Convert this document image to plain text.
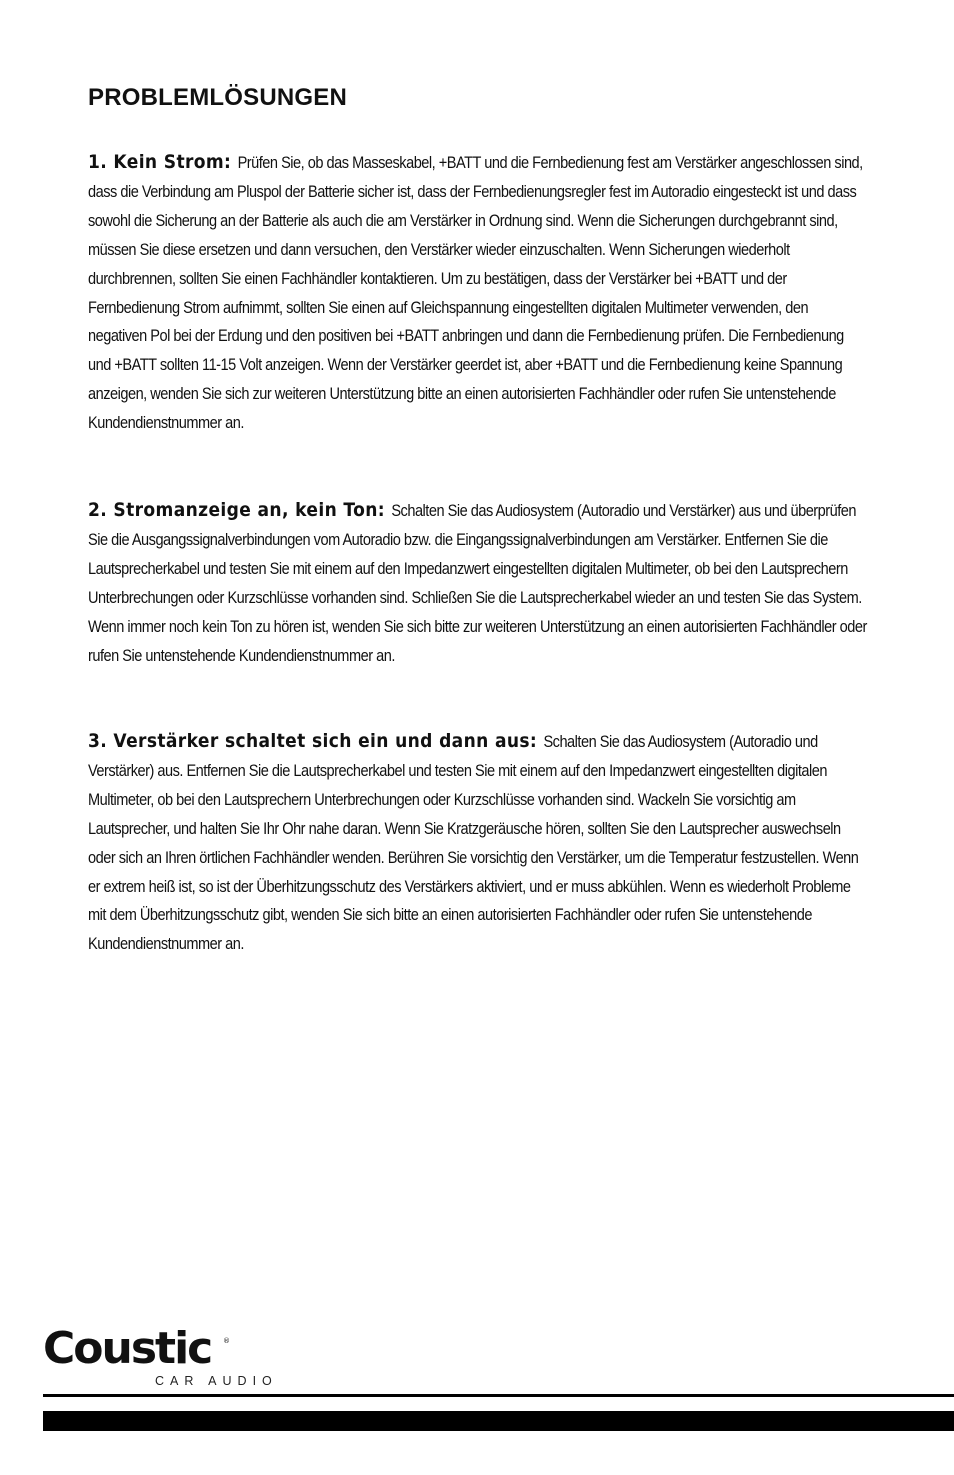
PROBLEMLÖSUNGEN

1. Kein Strom: Prüfen Sie, ob das Masseskabel, +BATT und die Fernbedienung fest am Verstärker angeschlossen sind, dass die Verbindung am Pluspol der Batterie sicher ist, dass der Fernbedienungsregler fest im Autoradio eingesteckt ist und dass sowohl die Sicherung an der Batterie als auch die am Verstärker in Ordnung sind. Wenn die Sicherungen durchgebrannt sind, müssen Sie diese ersetzen und dann versuchen, den Verstärker wieder einzuschalten. Wenn Sicherungen wiederholt durchbrennen, sollten Sie einen Fachhändler kontaktieren. Um zu bestätigen, dass der Verstärker bei +BATT und der Fernbedienung Strom aufnimmt, sollten Sie einen auf Gleichspannung eingestellten digitalen Multimeter verwenden, den negativen Pol bei der Erdung und den positiven bei +BATT anbringen und dann die Fernbedienung prüfen. Die Fernbedienung und +BATT sollten 11-15 Volt anzeigen. Wenn der Verstärker geerdet ist, aber +BATT und die Fernbedienung keine Spannung anzeigen, wenden Sie sich zur weiteren Unterstützung bitte an einen autorisierten Fachhändler oder rufen Sie untenstehende Kundendienstnummer an.

2. Stromanzeige an, kein Ton: Schalten Sie das Audiosystem (Autoradio und Verstärker) aus und überprüfen Sie die Ausgangssignalverbindungen vom Autoradio bzw. die Eingangssignalverbindungen am Verstärker. Entfernen Sie die Lautsprecherkabel und testen Sie mit einem auf den Impedanzwert eingestellten digitalen Multimeter, ob bei den Lautsprechern Unterbrechungen oder Kurzschlüsse vorhanden sind. Schließen Sie die Lautsprecherkabel wieder an und testen Sie das System. Wenn immer noch kein Ton zu hören ist, wenden Sie sich bitte zur weiteren Unterstützung an einen autorisierten Fachhändler oder rufen Sie untenstehende Kundendienstnummer an.

3. Verstärker schaltet sich ein und dann aus: Schalten Sie das Audiosystem (Autoradio und Verstärker) aus. Entfernen Sie die Lautsprecherkabel und testen Sie mit einem auf den Impedanzwert eingestellten digitalen Multimeter, ob bei den Lautsprechern Unterbrechungen oder Kurzschlüsse vorhanden sind. Wackeln Sie vorsichtig am Lautsprecher, und halten Sie Ihr Ohr nahe daran. Wenn Sie Kratzgeräusche hören, sollten Sie den Lautsprecher auswechseln oder sich an Ihren örtlichen Fachhändler wenden. Berühren Sie vorsichtig den Verstärker, um die Temperatur festzustellen. Wenn er extrem heiß ist, so ist der Überhitzungsschutz des Verstärkers aktiviert, und er muss abkühlen. Wenn es wiederholt Probleme mit dem Überhitzungsschutz gibt, wenden Sie sich bitte an einen autorisierten Fachhändler oder rufen Sie untenstehende Kundendienstnummer an.

Coustic ®
CAR AUDIO
